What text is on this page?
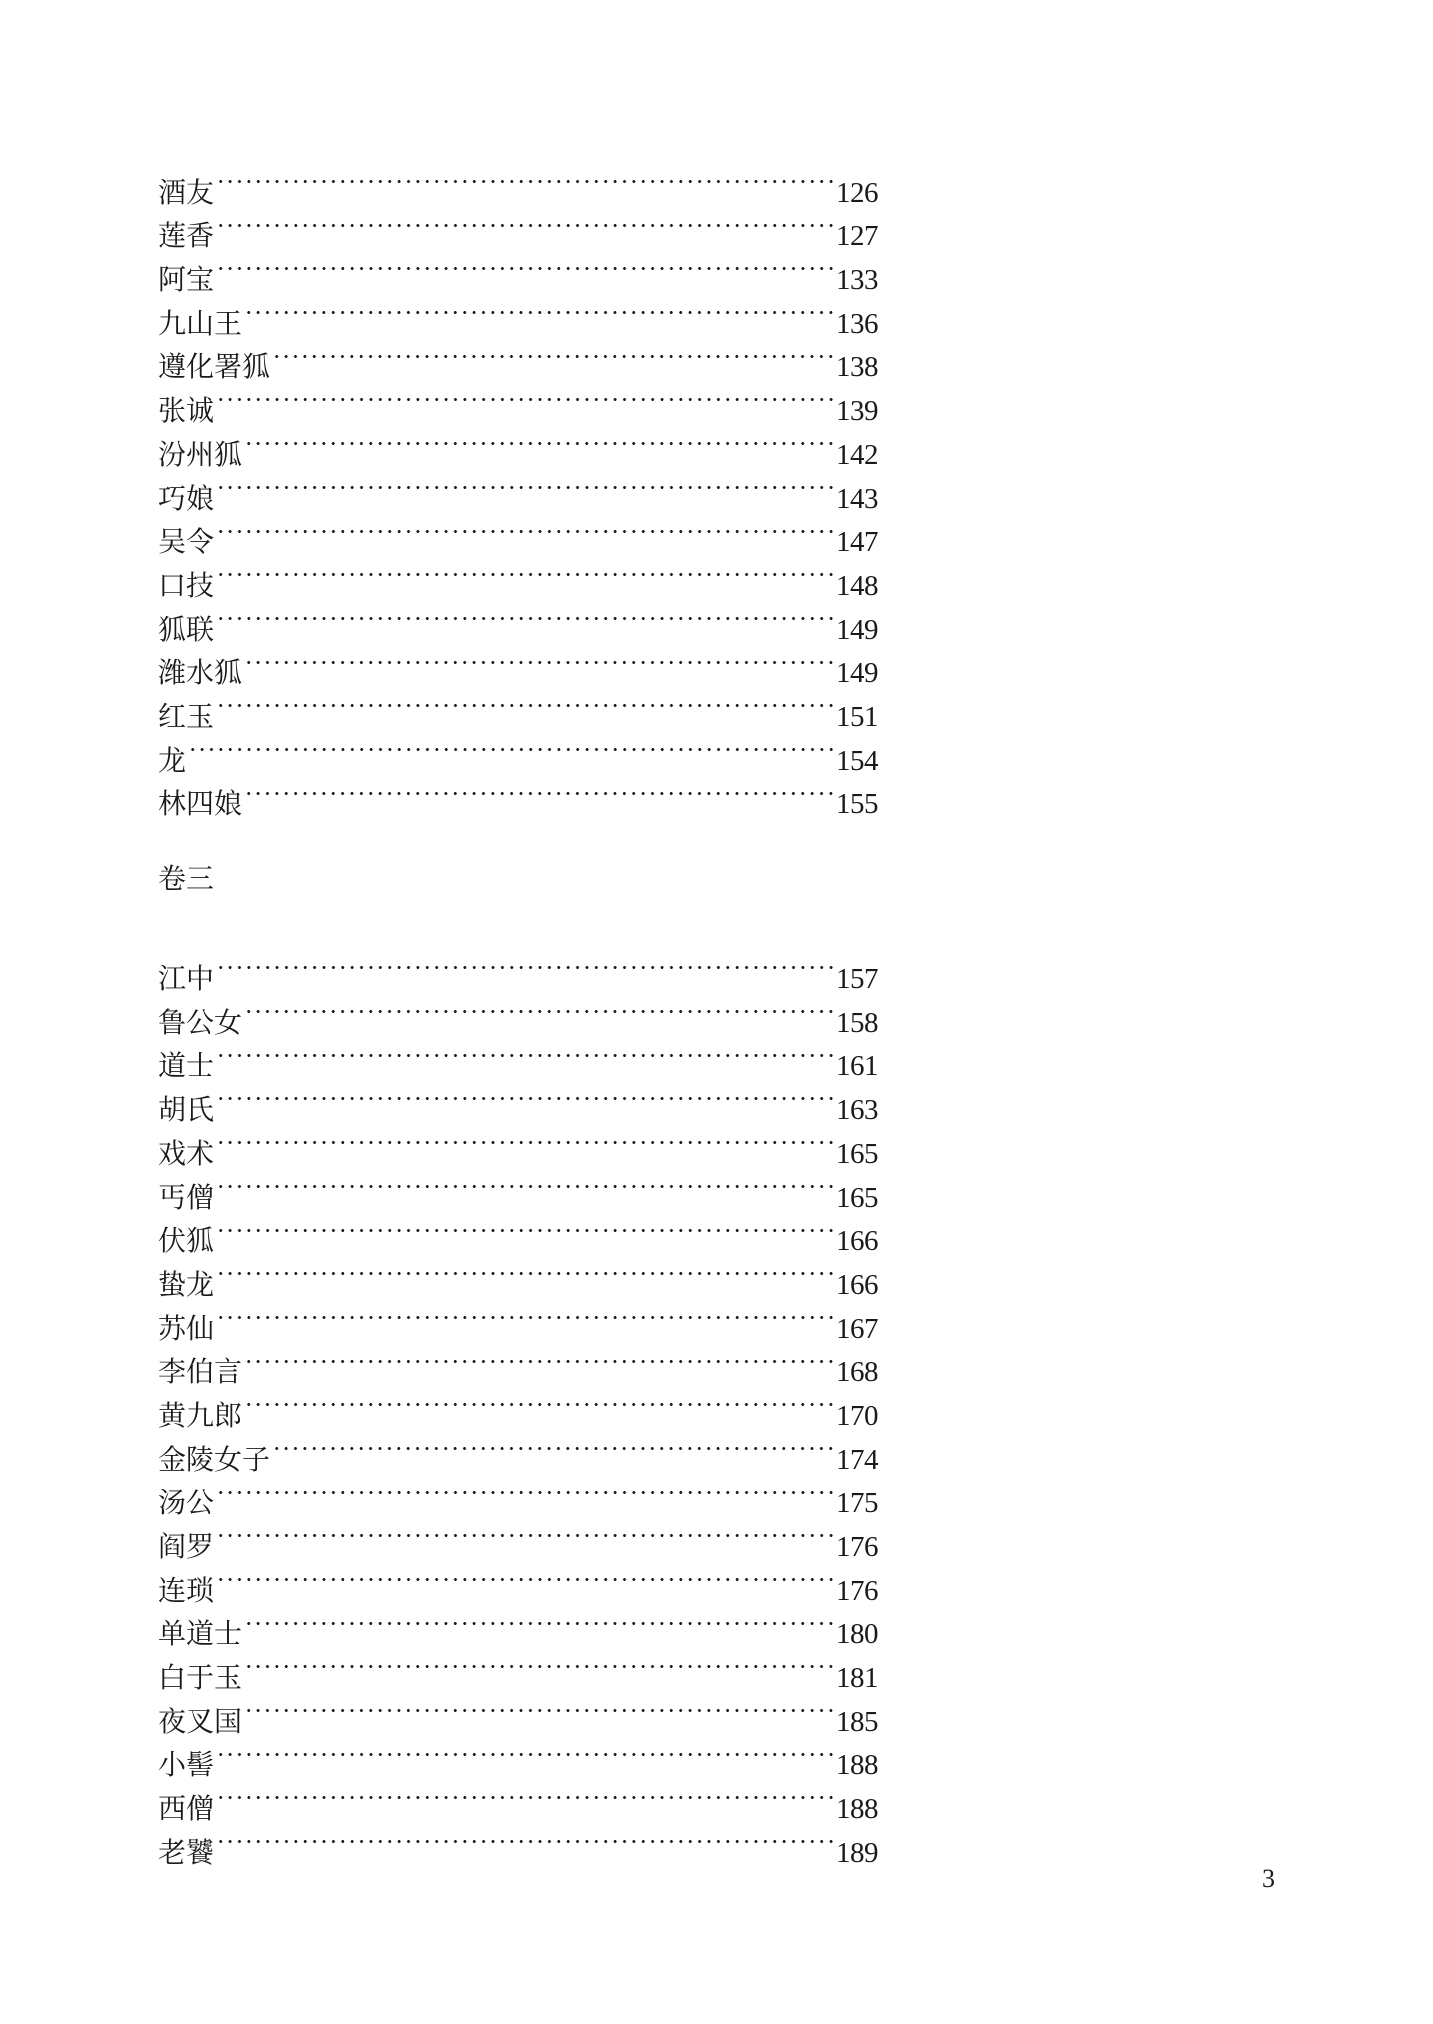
酒友	126
莲香	127
阿宝	133
九山王	136
遵化署狐	138
张诚	139
汾州狐	142
巧娘	143
吴令	147
口技	148
狐联	149
潍水狐	149
红玉	151
龙	154
林四娘	155
卷三
江中	157
鲁公女	158
道士	161
胡氏	163
戏术	165
丐僧	165
伏狐	166
蛰龙	166
苏仙	167
李伯言	168
黄九郎	170
金陵女子	174
汤公	175
阎罗	176
连琐	176
单道士	180
白于玉	181
夜叉国	185
小髻	188
西僧	188
老饕	189
3
